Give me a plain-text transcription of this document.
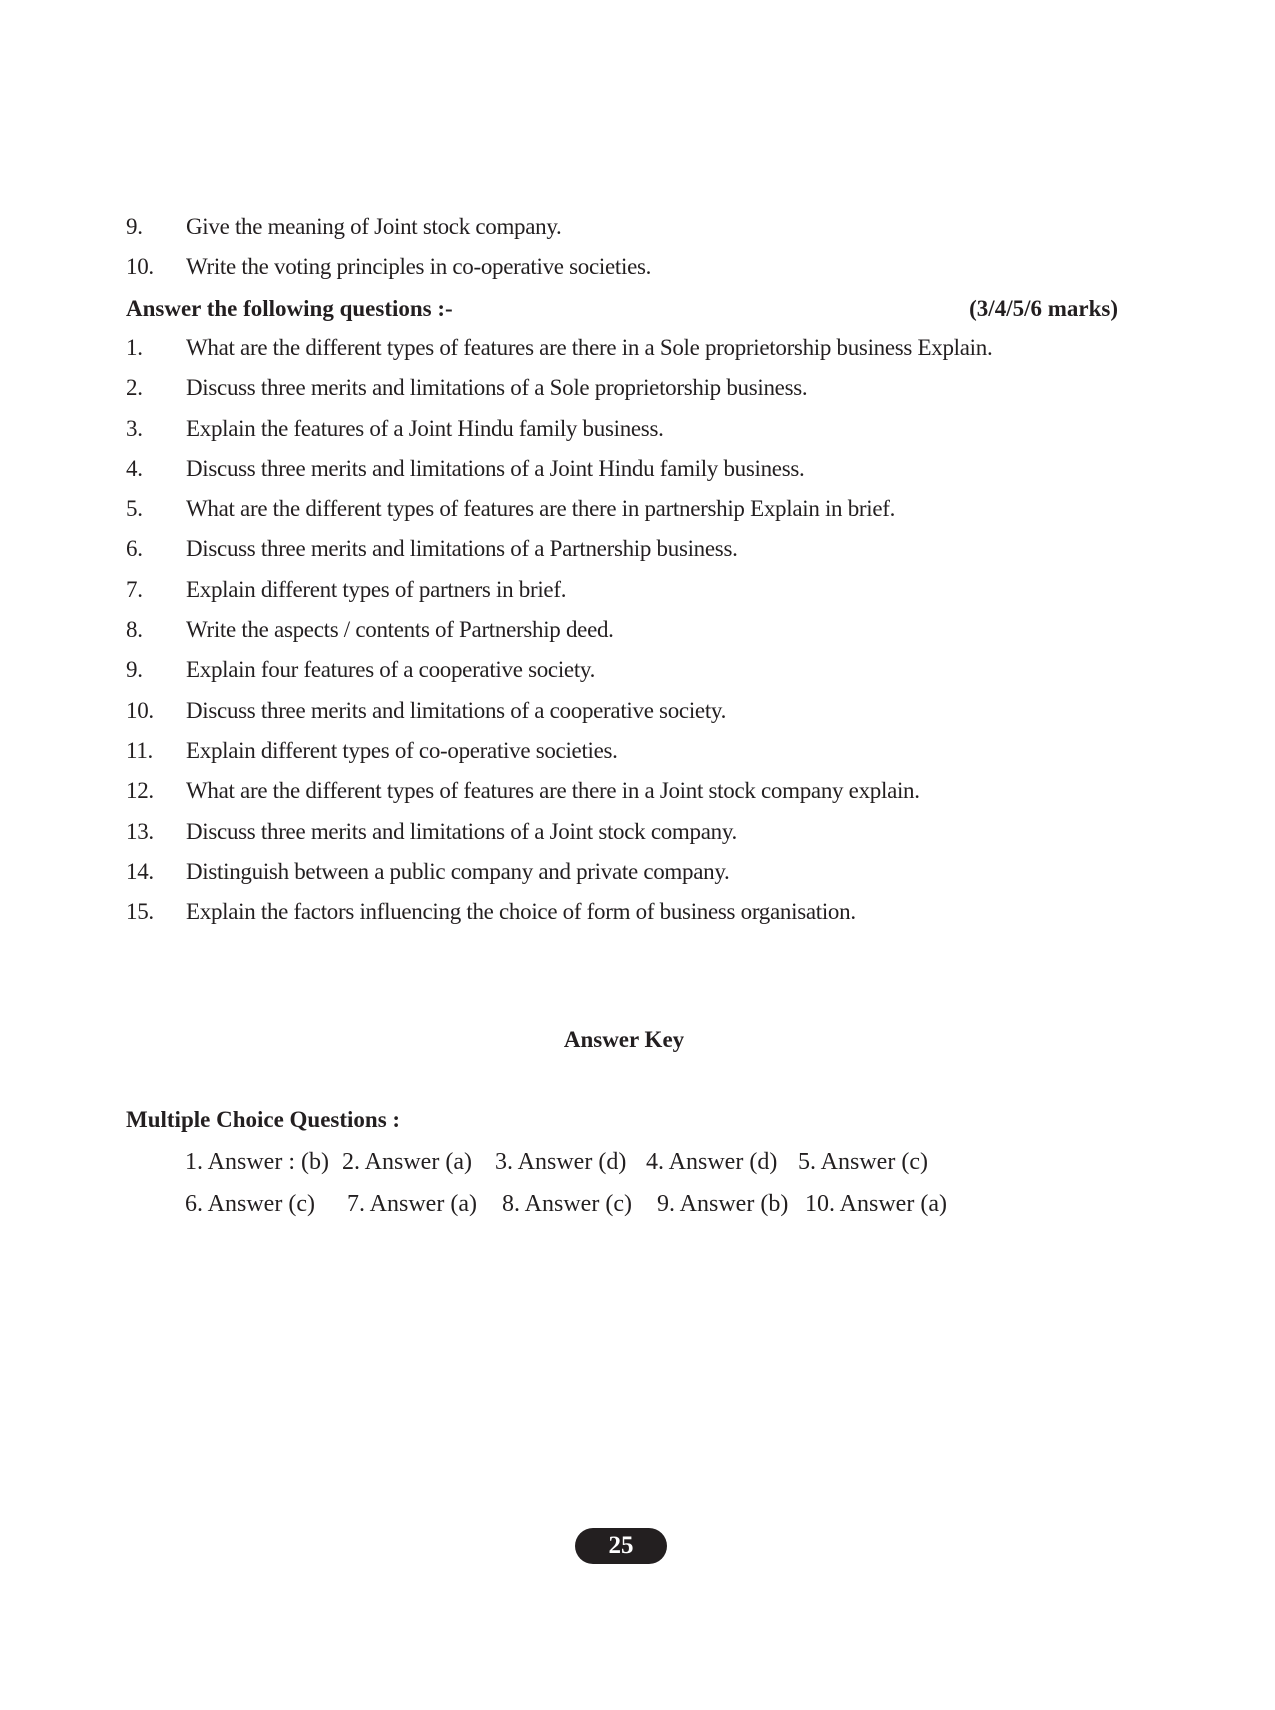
9.	Give the meaning of Joint stock company.
10.	Write the voting principles in co-operative societies.
Answer the following questions :-	(3/4/5/6 marks)
1.	What are the different types of features are there in a Sole proprietorship business Explain.
2.	Discuss three merits and limitations of a Sole proprietorship business.
3.	Explain the features of a Joint Hindu family business.
4.	Discuss three merits and limitations of a Joint Hindu family business.
5.	What are the different types of features are there in partnership Explain in brief.
6.	Discuss three merits and limitations of a Partnership business.
7.	Explain different types of partners in brief.
8.	Write the aspects / contents of Partnership deed.
9.	Explain four features of a cooperative society.
10.	Discuss three merits and limitations of a cooperative society.
11.	Explain different types of co-operative societies.
12.	What are the different types of features are there in a Joint stock company explain.
13.	Discuss three merits and limitations of a Joint stock company.
14.	Distinguish between a public company and private company.
15.	Explain the factors influencing the choice of form of business organisation.
Answer Key
Multiple Choice Questions :
1. Answer : (b) 2. Answer (a) 3. Answer (d) 4. Answer (d) 5. Answer (c)
6. Answer (c) 7. Answer (a) 8. Answer (c) 9. Answer (b) 10. Answer (a)
25
